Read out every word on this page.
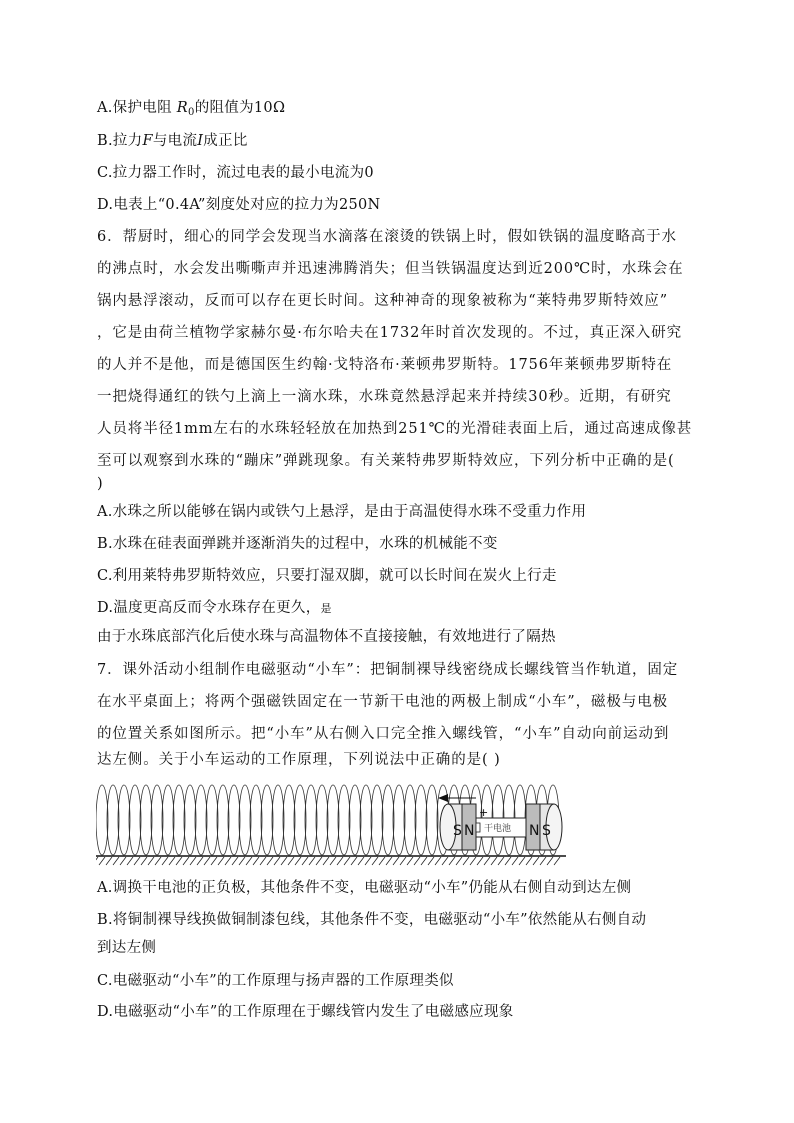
A.保护电阻 $R_0$的阻值为10Ω
B.拉力F与电流I成正比
C.拉力器工作时，流过电表的最小电流为0
D.电表上“0.4A”刻度处对应的拉力为250N
6．帮厨时，细心的同学会发现当水滴落在滚烫的铁锅上时，假如铁锅的温度略高于水
的沸点时，水会发出嘶嘶声并迅速沸腾消失；但当铁锅温度达到近200℃时，水珠会在
锅内悬浮滚动，反而可以存在更长时间。这种神奇的现象被称为“莱特弗罗斯特效应”
，它是由荷兰植物学家赫尔曼·布尔哈夫在1732年时首次发现的。不过，真正深入研究
的人并不是他，而是德国医生约翰·戈特洛布·莱顿弗罗斯特。1756年莱顿弗罗斯特在
一把烧得通红的铁勺上滴上一滴水珠，水珠竟然悬浮起来并持续30秒。近期，有研究
人员将半径1mm左右的水珠轻轻放在加热到251℃的光滑硅表面上后，通过高速成像甚
至可以观察到水珠的“蹦床”弹跳现象。有关莱特弗罗斯特效应，下列分析中正确的是(
)
A.水珠之所以能够在锅内或铁勺上悬浮，是由于高温使得水珠不受重力作用
B.水珠在硅表面弹跳并逐渐消失的过程中，水珠的机械能不变
C.利用莱特弗罗斯特效应，只要打湿双脚，就可以长时间在炭火上行走
D.温度更高反而令水珠存在更久，是
由于水珠底部汽化后使水珠与高温物体不直接接触，有效地进行了隔热
7．课外活动小组制作电磁驱动“小车”：把铜制裸导线密绕成长螺线管当作轨道，固定
在水平桌面上；将两个强磁铁固定在一节新干电池的两极上制成“小车”，磁极与电极
的位置关系如图所示。把“小车”从右侧入口完全推入螺线管，“小车”自动向前运动到
达左侧。关于小车运动的工作原理，下列说法中正确的是( )
S N 干电池
+
N S
A.调换干电池的正负极，其他条件不变，电磁驱动“小车”仍能从右侧自动到达左侧
B.将铜制裸导线换做铜制漆包线，其他条件不变，电磁驱动“小车”依然能从右侧自动
到达左侧
C.电磁驱动“小车”的工作原理与扬声器的工作原理类似
D.电磁驱动“小车”的工作原理在于螺线管内发生了电磁感应现象
